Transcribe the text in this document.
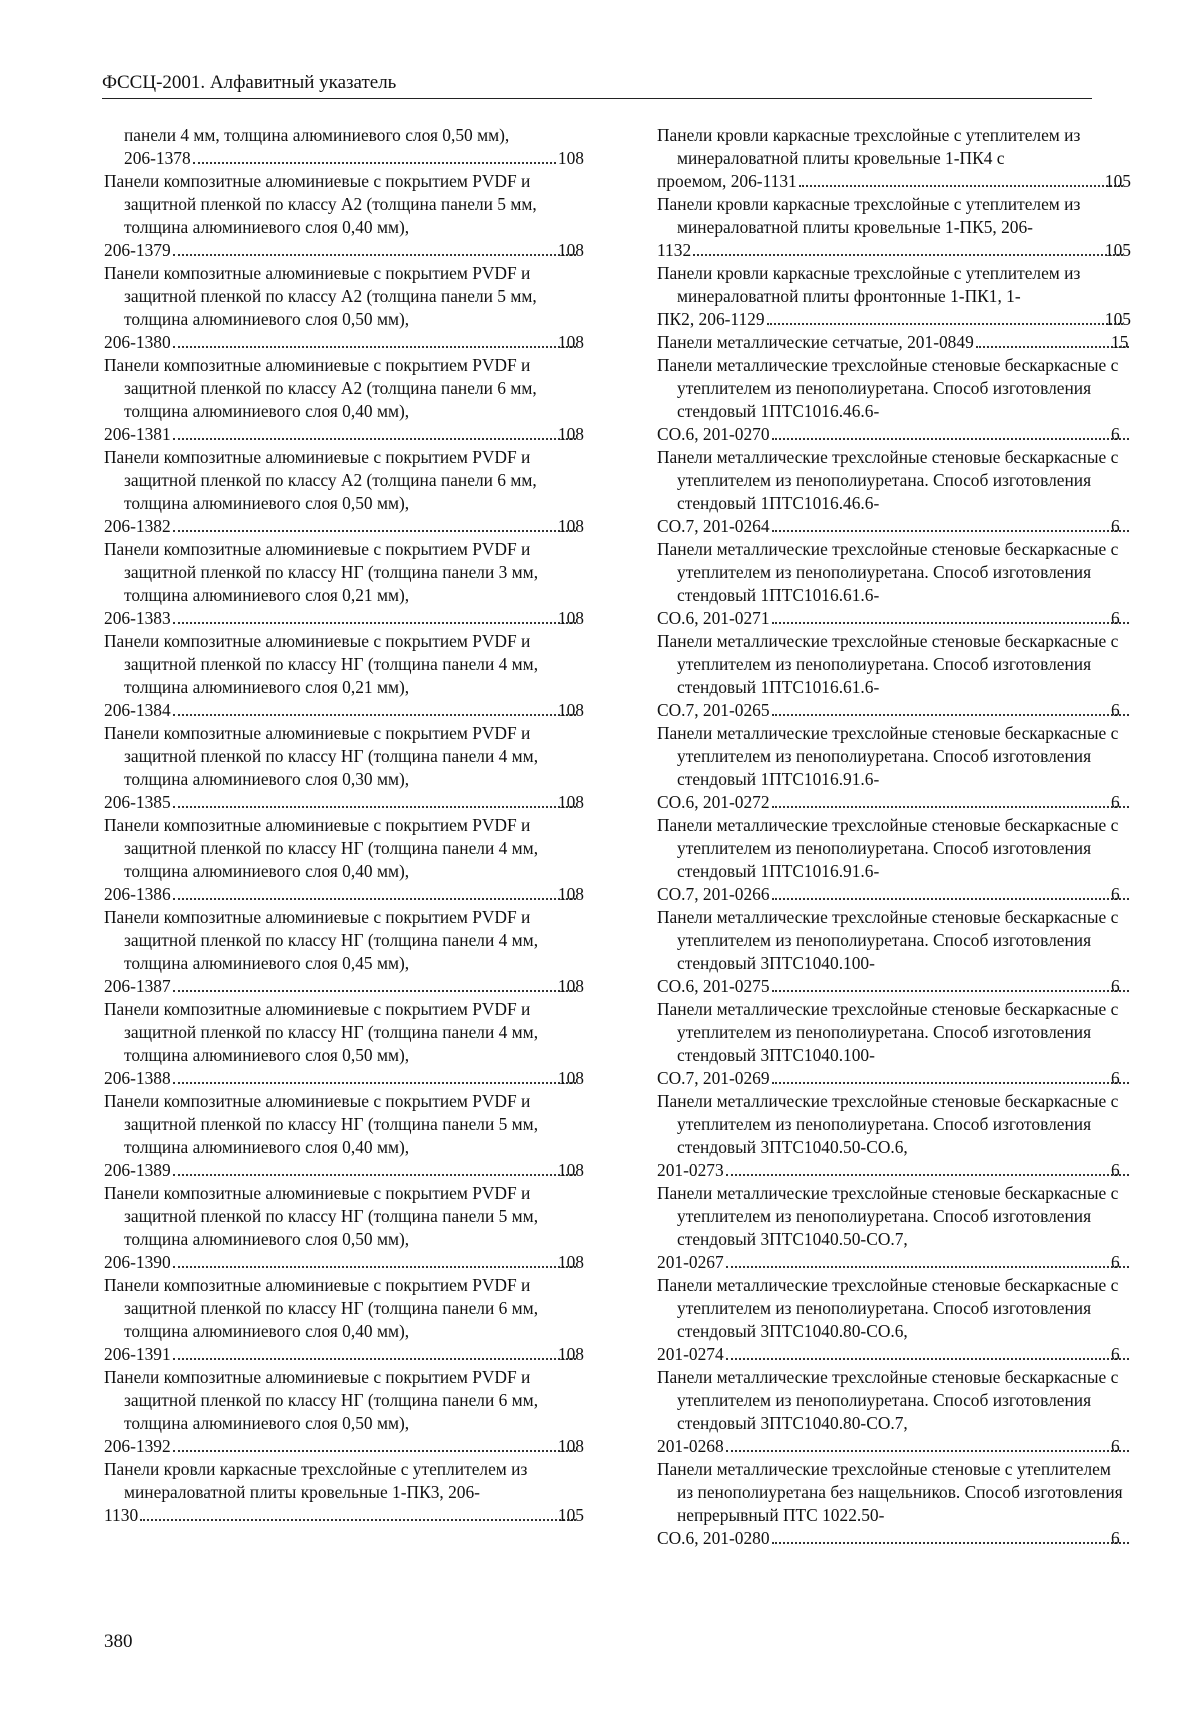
ФССЦ-2001. Алфавитный указатель
панели 4 мм, толщина алюминиевого слоя 0,50 мм),
206-1378	108
Панели композитные алюминиевые с покрытием PVDF и защитной пленкой по классу А2 (толщина панели 5 мм, толщина алюминиевого слоя 0,40 мм),
206-1379	108
Панели композитные алюминиевые с покрытием PVDF и защитной пленкой по классу А2 (толщина панели 5 мм, толщина алюминиевого слоя 0,50 мм),
206-1380	108
Панели композитные алюминиевые с покрытием PVDF и защитной пленкой по классу А2 (толщина панели 6 мм, толщина алюминиевого слоя 0,40 мм),
206-1381	108
Панели композитные алюминиевые с покрытием PVDF и защитной пленкой по классу А2 (толщина панели 6 мм, толщина алюминиевого слоя 0,50 мм),
206-1382	108
Панели композитные алюминиевые с покрытием PVDF и защитной пленкой по классу НГ (толщина панели 3 мм, толщина алюминиевого слоя 0,21 мм),
206-1383	108
Панели композитные алюминиевые с покрытием PVDF и защитной пленкой по классу НГ (толщина панели 4 мм, толщина алюминиевого слоя 0,21 мм),
206-1384	108
Панели композитные алюминиевые с покрытием PVDF и защитной пленкой по классу НГ (толщина панели 4 мм, толщина алюминиевого слоя 0,30 мм),
206-1385	108
Панели композитные алюминиевые с покрытием PVDF и защитной пленкой по классу НГ (толщина панели 4 мм, толщина алюминиевого слоя 0,40 мм),
206-1386	108
Панели композитные алюминиевые с покрытием PVDF и защитной пленкой по классу НГ (толщина панели 4 мм, толщина алюминиевого слоя 0,45 мм),
206-1387	108
Панели композитные алюминиевые с покрытием PVDF и защитной пленкой по классу НГ (толщина панели 4 мм, толщина алюминиевого слоя 0,50 мм),
206-1388	108
Панели композитные алюминиевые с покрытием PVDF и защитной пленкой по классу НГ (толщина панели 5 мм, толщина алюминиевого слоя 0,40 мм),
206-1389	108
Панели композитные алюминиевые с покрытием PVDF и защитной пленкой по классу НГ (толщина панели 5 мм, толщина алюминиевого слоя 0,50 мм),
206-1390	108
Панели композитные алюминиевые с покрытием PVDF и защитной пленкой по классу НГ (толщина панели 6 мм, толщина алюминиевого слоя 0,40 мм),
206-1391	108
Панели композитные алюминиевые с покрытием PVDF и защитной пленкой по классу НГ (толщина панели 6 мм, толщина алюминиевого слоя 0,50 мм),
206-1392	108
Панели кровли каркасные трехслойные с утеплителем из минераловатной плиты кровельные 1-ПК3, 206-
1130	105
Панели кровли каркасные трехслойные с утеплителем из минераловатной плиты кровельные 1-ПК4 с
проемом, 206-1131	105
Панели кровли каркасные трехслойные с утеплителем из минераловатной плиты кровельные 1-ПК5, 206-
1132	105
Панели кровли каркасные трехслойные с утеплителем из минераловатной плиты фронтонные 1-ПК1, 1-
ПК2, 206-1129	105
Панели металлические сетчатые, 201-0849	15
Панели металлические трехслойные стеновые бескаркасные с утеплителем из пенополиуретана. Способ изготовления стендовый 1ПТС1016.46.6-
СО.6, 201-0270	6
Панели металлические трехслойные стеновые бескаркасные с утеплителем из пенополиуретана. Способ изготовления стендовый 1ПТС1016.46.6-
СО.7, 201-0264	6
Панели металлические трехслойные стеновые бескаркасные с утеплителем из пенополиуретана. Способ изготовления стендовый 1ПТС1016.61.6-
СО.6, 201-0271	6
Панели металлические трехслойные стеновые бескаркасные с утеплителем из пенополиуретана. Способ изготовления стендовый 1ПТС1016.61.6-
СО.7, 201-0265	6
Панели металлические трехслойные стеновые бескаркасные с утеплителем из пенополиуретана. Способ изготовления стендовый 1ПТС1016.91.6-
СО.6, 201-0272	6
Панели металлические трехслойные стеновые бескаркасные с утеплителем из пенополиуретана. Способ изготовления стендовый 1ПТС1016.91.6-
СО.7, 201-0266	6
Панели металлические трехслойные стеновые бескаркасные с утеплителем из пенополиуретана. Способ изготовления стендовый 3ПТС1040.100-
СО.6, 201-0275	6
Панели металлические трехслойные стеновые бескаркасные с утеплителем из пенополиуретана. Способ изготовления стендовый 3ПТС1040.100-
СО.7, 201-0269	6
Панели металлические трехслойные стеновые бескаркасные с утеплителем из пенополиуретана. Способ изготовления стендовый 3ПТС1040.50-СО.6,
201-0273	6
Панели металлические трехслойные стеновые бескаркасные с утеплителем из пенополиуретана. Способ изготовления стендовый 3ПТС1040.50-СО.7,
201-0267	6
Панели металлические трехслойные стеновые бескаркасные с утеплителем из пенополиуретана. Способ изготовления стендовый 3ПТС1040.80-СО.6,
201-0274	6
Панели металлические трехслойные стеновые бескаркасные с утеплителем из пенополиуретана. Способ изготовления стендовый 3ПТС1040.80-СО.7,
201-0268	6
Панели металлические трехслойные стеновые с утеплителем из пенополиуретана без нащельников. Способ изготовления непрерывный ПТС 1022.50-
СО.6, 201-0280	6
380
